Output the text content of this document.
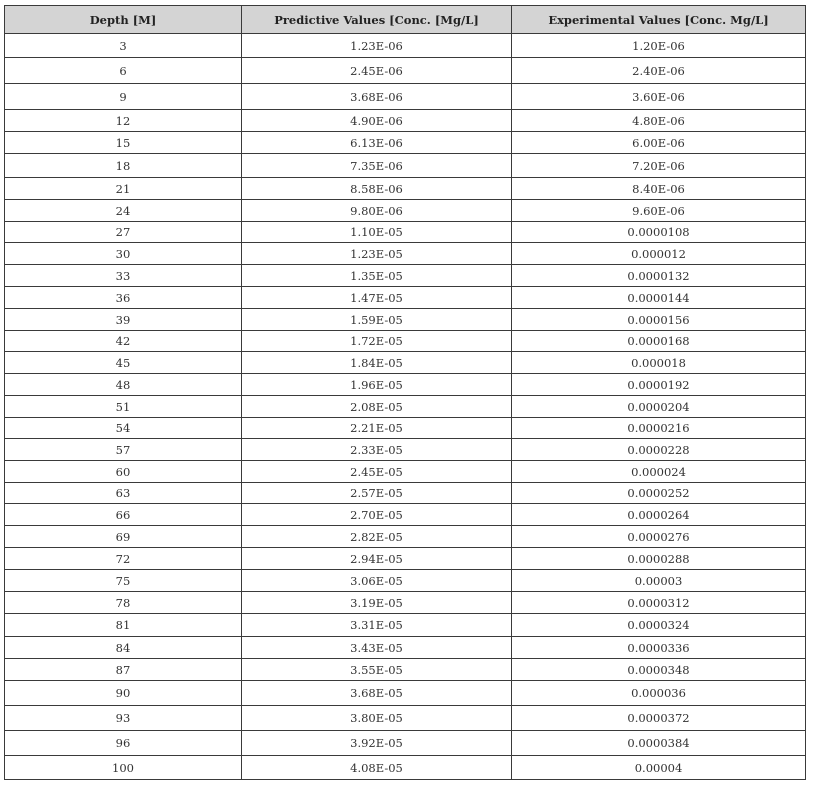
Depth [M]	Predictive Values [Conc. [Mg/L]	Experimental Values [Conc. Mg/L]
3	1.23E-06	1.20E-06
6	2.45E-06	2.40E-06
9	3.68E-06	3.60E-06
12	4.90E-06	4.80E-06
15	6.13E-06	6.00E-06
18	7.35E-06	7.20E-06
21	8.58E-06	8.40E-06
24	9.80E-06	9.60E-06
27	1.10E-05	0.0000108
30	1.23E-05	0.000012
33	1.35E-05	0.0000132
36	1.47E-05	0.0000144
39	1.59E-05	0.0000156
42	1.72E-05	0.0000168
45	1.84E-05	0.000018
48	1.96E-05	0.0000192
51	2.08E-05	0.0000204
54	2.21E-05	0.0000216
57	2.33E-05	0.0000228
60	2.45E-05	0.000024
63	2.57E-05	0.0000252
66	2.70E-05	0.0000264
69	2.82E-05	0.0000276
72	2.94E-05	0.0000288
75	3.06E-05	0.00003
78	3.19E-05	0.0000312
81	3.31E-05	0.0000324
84	3.43E-05	0.0000336
87	3.55E-05	0.0000348
90	3.68E-05	0.000036
93	3.80E-05	0.0000372
96	3.92E-05	0.0000384
100	4.08E-05	0.00004
